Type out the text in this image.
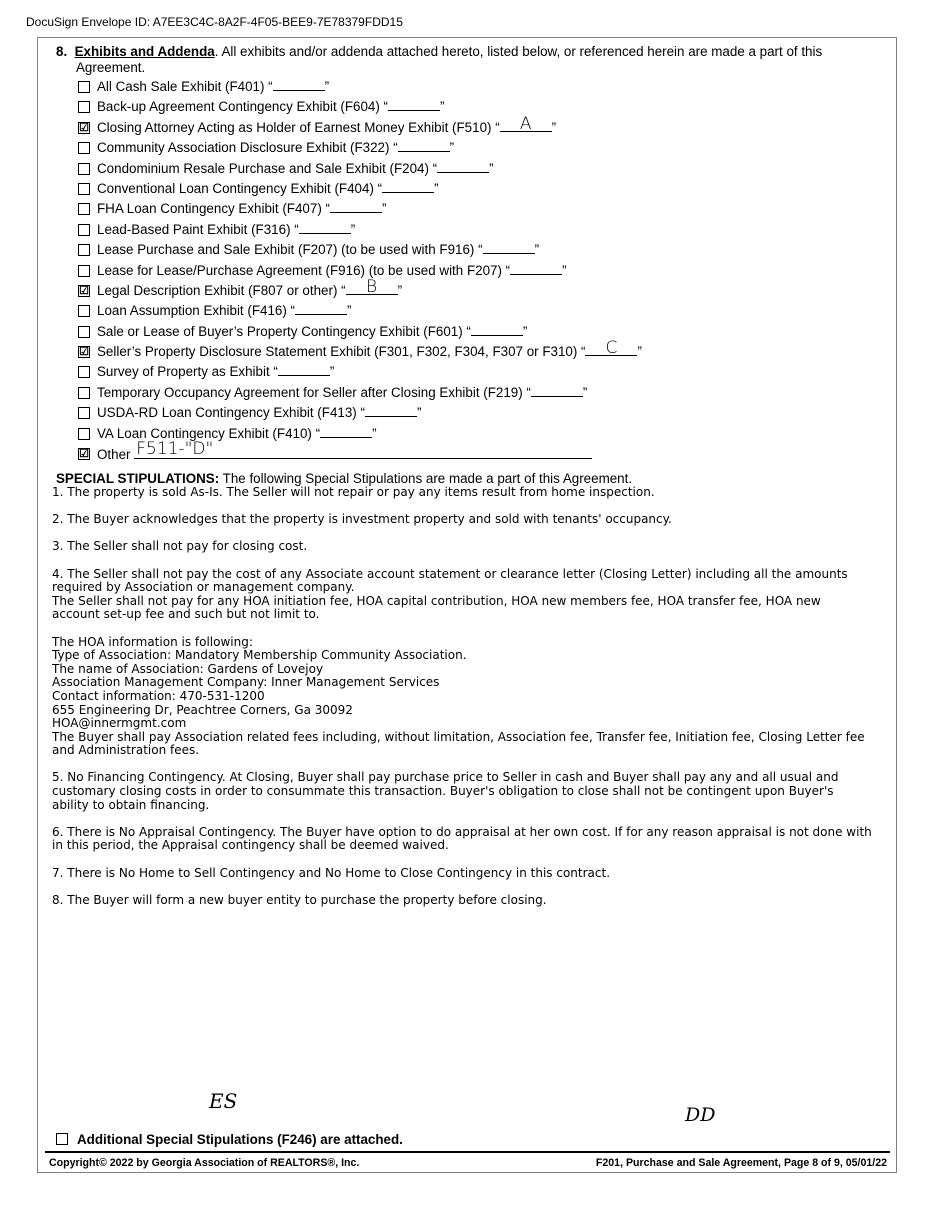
DocuSign Envelope ID: A7EE3C4C-8A2F-4F05-BEE9-7E78379FDD15
8. Exhibits and Addenda. All exhibits and/or addenda attached hereto, listed below, or referenced herein are made a part of this
Agreement.
All Cash Sale Exhibit (F401) “	”
Back-up Agreement Contingency Exhibit (F604) “	”
☑ Closing Attorney Acting as Holder of Earnest Money Exhibit (F510) “	A	”
Community Association Disclosure Exhibit (F322) “	”
Condominium Resale Purchase and Sale Exhibit (F204) “	”
Conventional Loan Contingency Exhibit (F404) “	”
FHA Loan Contingency Exhibit (F407) “	”
Lead-Based Paint Exhibit (F316) “	”
Lease Purchase and Sale Exhibit (F207) (to be used with F916) “	”
Lease for Lease/Purchase Agreement (F916) (to be used with F207) “	”
☑ Legal Description Exhibit (F807 or other) “	B	”
Loan Assumption Exhibit (F416) “	”
Sale or Lease of Buyer’s Property Contingency Exhibit (F601) “	”
☑ Seller’s Property Disclosure Statement Exhibit (F301, F302, F304, F307 or F310) “	C	”
Survey of Property as Exhibit “	”
Temporary Occupancy Agreement for Seller after Closing Exhibit (F219) “	”
USDA-RD Loan Contingency Exhibit (F413) “	”
VA Loan Contingency Exhibit (F410) “	”
☑ Other F511-"D"
SPECIAL STIPULATIONS: The following Special Stipulations are made a part of this Agreement.

1. The property is sold As-Is. The Seller will not repair or pay any items result from home inspection.

2. The Buyer acknowledges that the property is investment property and sold with tenants' occupancy.

3. The Seller shall not pay for closing cost.

4. The Seller shall not pay the cost of any Associate account statement or clearance letter (Closing Letter) including all the amounts
required by Association or management company.
The Seller shall not pay for any HOA initiation fee, HOA capital contribution, HOA new members fee, HOA transfer fee, HOA new
account set-up fee and such but not limit to.

The HOA information is following:
Type of Association: Mandatory Membership Community Association.
The name of Association: Gardens of Lovejoy
Association Management Company: Inner Management Services
Contact information: 470-531-1200
655 Engineering Dr, Peachtree Corners, Ga 30092
HOA@innermgmt.com
The Buyer shall pay Association related fees including, without limitation, Association fee, Transfer fee, Initiation fee, Closing Letter fee
and Administration fees.

5. No Financing Contingency. At Closing, Buyer shall pay purchase price to Seller in cash and Buyer shall pay any and all usual and
customary closing costs in order to consummate this transaction. Buyer's obligation to close shall not be contingent upon Buyer's
ability to obtain financing.

6. There is No Appraisal Contingency. The Buyer have option to do appraisal at her own cost. If for any reason appraisal is not done with
in this period, the Appraisal contingency shall be deemed waived.

7. There is No Home to Sell Contingency and No Home to Close Contingency in this contract.

8. The Buyer will form a new buyer entity to purchase the property before closing.

ES
DD
Additional Special Stipulations (F246) are attached.
Copyright© 2022 by Georgia Association of REALTORS®, Inc.	F201, Purchase and Sale Agreement, Page 8 of 9, 05/01/22
